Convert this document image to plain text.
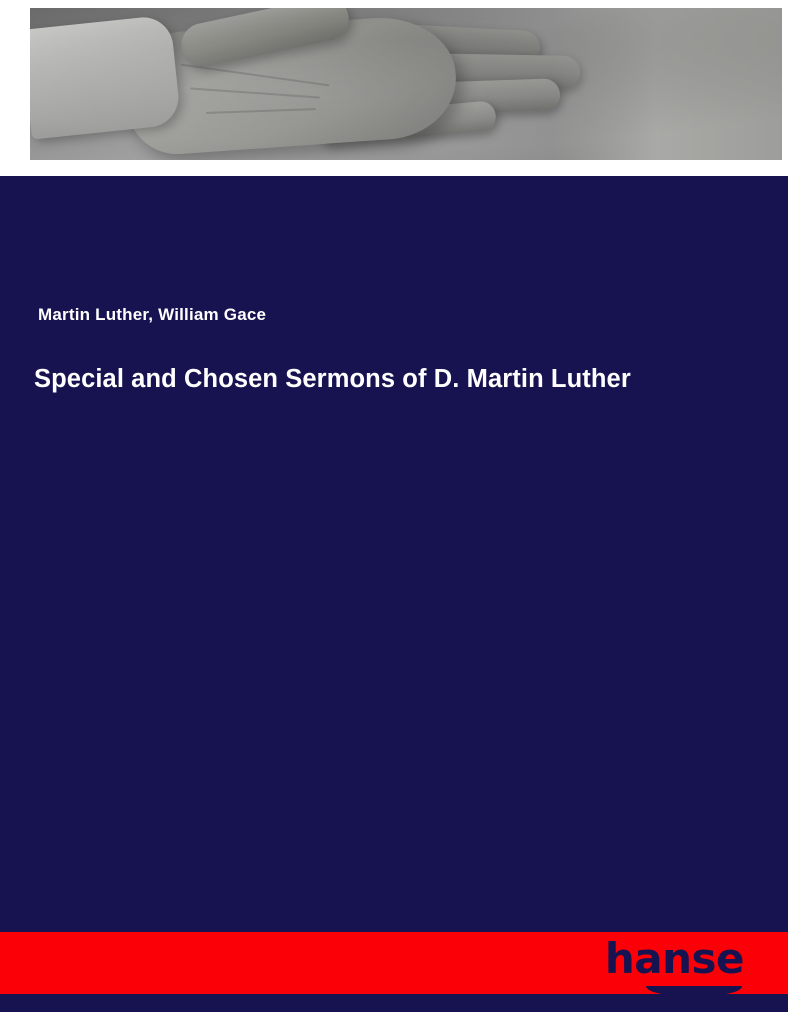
Martin Luther, William Gace
Special and Chosen Sermons of D. Martin Luther
hanse
